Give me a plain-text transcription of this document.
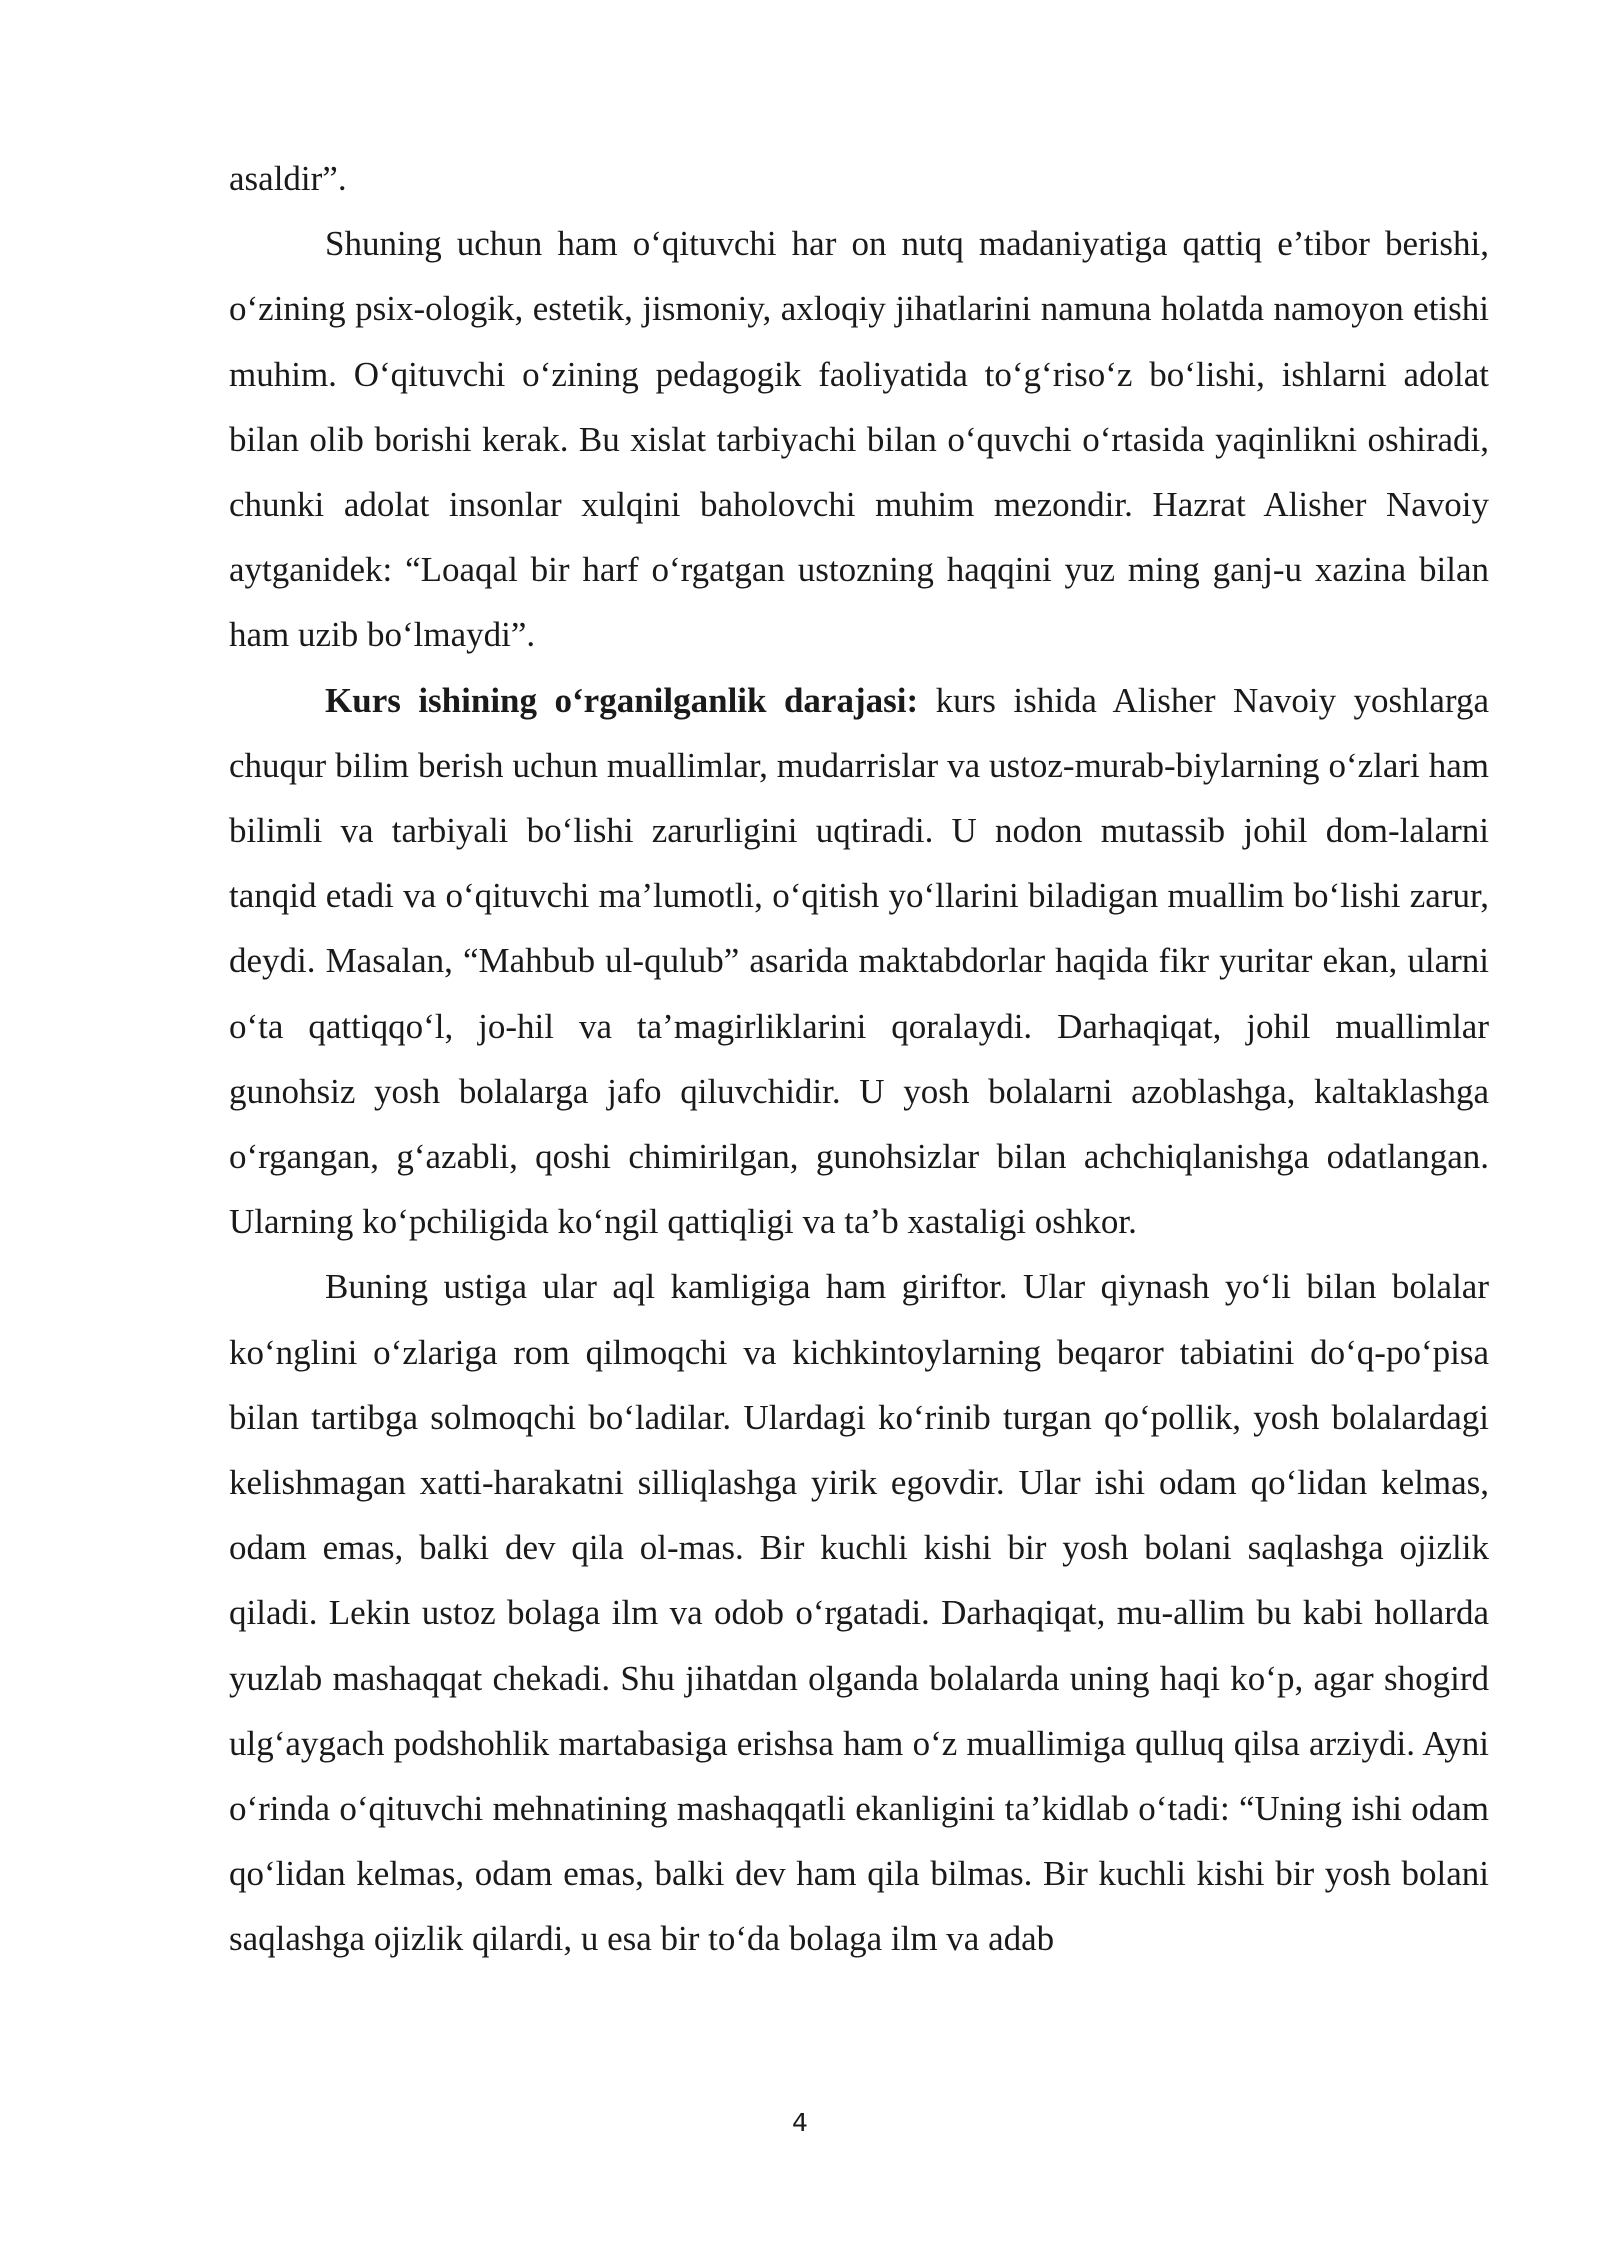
asaldir”.

Shuning uchun ham o‘qituvchi har on nutq madaniyatiga qattiq e’tibor berishi, o‘zining psix-ologik, estetik, jismoniy, axloqiy jihatlarini namuna holatda namoyon etishi muhim. O‘qituvchi o‘zining pedagogik faoliyatida to‘g‘riso‘z bo‘lishi, ishlarni adolat bilan olib borishi kerak. Bu xislat tarbiyachi bilan o‘quvchi o‘rtasida yaqinlikni oshiradi, chunki adolat insonlar xulqini baholovchi muhim mezondir. Hazrat Alisher Navoiy aytganidek: “Loaqal bir harf o‘rgatgan ustozning haqqini yuz ming ganj-u xazina bilan ham uzib bo‘lmaydi”.

Kurs ishining o‘rganilganlik darajasi: kurs ishida Alisher Navoiy yoshlarga chuqur bilim berish uchun muallimlar, mudarrislar va ustoz-murab-biylarning o‘zlari ham bilimli va tarbiyali bo‘lishi zarurligini uqtiradi. U nodon mutassib johil dom-lalarni tanqid etadi va o‘qituvchi ma’lumotli, o‘qitish yo‘llarini biladigan muallim bo‘lishi zarur, deydi. Masalan, “Mahbub ul-qulub” asarida maktabdorlar haqida fikr yuritar ekan, ularni o‘ta qattiqqo‘l, jo-hil va ta’magirliklarini qoralaydi. Darhaqiqat, johil muallimlar gunohsiz yosh bolalarga jafo qiluvchidir. U yosh bolalarni azoblashga, kaltaklashga o‘rgangan, g‘azabli, qoshi chimirilgan, gunohsizlar bilan achchiqlanishga odatlangan. Ularning ko‘pchiligida ko‘ngil qattiqligi va ta’b xastaligi oshkor.

Buning ustiga ular aql kamligiga ham giriftor. Ular qiynash yo‘li bilan bolalar ko‘nglini o‘zlariga rom qilmoqchi va kichkintoylarning beqaror tabiatini do‘q-po‘pisa bilan tartibga solmoqchi bo‘ladilar. Ulardagi ko‘rinib turgan qo‘pollik, yosh bolalardagi kelishmagan xatti-harakatni silliqlashga yirik egovdir. Ular ishi odam qo‘lidan kelmas, odam emas, balki dev qila ol-mas. Bir kuchli kishi bir yosh bolani saqlashga ojizlik qiladi. Lekin ustoz bolaga ilm va odob o‘rgatadi. Darhaqiqat, mu-allim bu kabi hollarda yuzlab mashaqqat chekadi. Shu jihatdan olganda bolalarda uning haqi ko‘p, agar shogird ulg‘aygach podshohlik martabasiga erishsa ham o‘z muallimiga qulluq qilsa arziydi. Ayni o‘rinda o‘qituvchi mehnatining mashaqqatli ekanligini ta’kidlab o‘tadi: “Uning ishi odam qo‘lidan kelmas, odam emas, balki dev ham qila bilmas. Bir kuchli kishi bir yosh bolani saqlashga ojizlik qilardi, u esa bir to‘da bolaga ilm va adab

4
